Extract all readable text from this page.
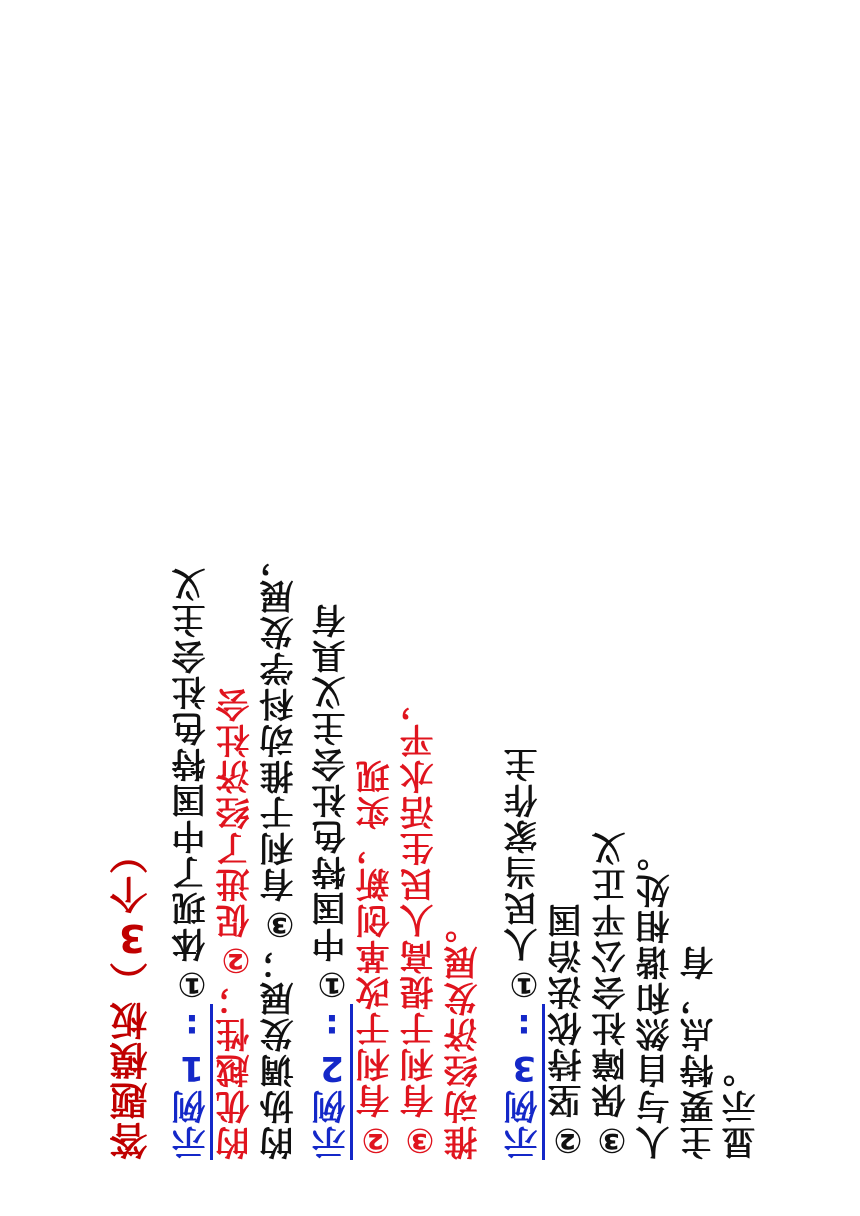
答题模板（3个） 示例1:①体现了中国特色社会主义 的优越性；②促进了经济社会 的协调发展；③有利于推动科学发展， 示例2:①中国特色社会主义具有 ②有利于改革创新，实现 ③有利于提高人民生活水平， 推动经济发展。 示例3:①人民当家作主
②坚持依法治国 ③保障社会公平正义 人与自然和谐相处。 主要特点，有 显示。
